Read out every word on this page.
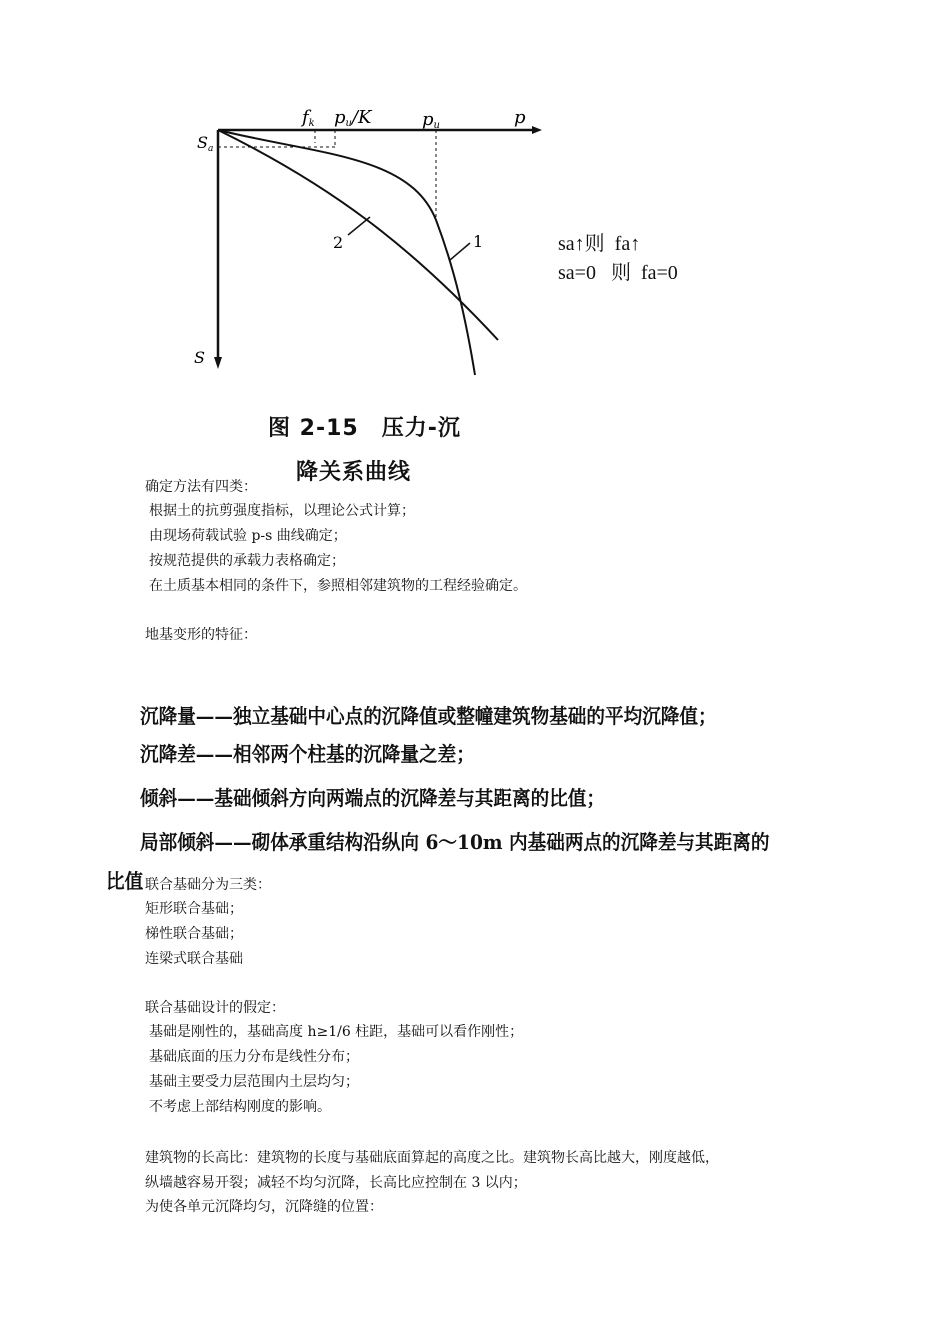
fk pu/K	pu	p
Sa
S
1
2
图 2-15　压力-沉
降关系曲线
sa↑则  fa↑
sa=0   则  fa=0
确定方法有四类：
根据土的抗剪强度指标，以理论公式计算；
由现场荷载试验 p-s 曲线确定；
按规范提供的承载力表格确定；
在土质基本相同的条件下，参照相邻建筑物的工程经验确定。
地基变形的特征：
沉降量——独立基础中心点的沉降值或整幢建筑物基础的平均沉降值；
沉降差——相邻两个柱基的沉降量之差；
倾斜——基础倾斜方向两端点的沉降差与其距离的比值；
局部倾斜——砌体承重结构沿纵向 6～10m 内基础两点的沉降差与其距离的
比值 联合基础分为三类：
矩形联合基础；
梯性联合基础；
连梁式联合基础
联合基础设计的假定：
基础是刚性的，基础高度 h≥1/6 柱距，基础可以看作刚性；
基础底面的压力分布是线性分布；
基础主要受力层范围内土层均匀；
不考虑上部结构刚度的影响。
建筑物的长高比：建筑物的长度与基础底面算起的高度之比。建筑物长高比越大，刚度越低，
纵墙越容易开裂；减轻不均匀沉降，长高比应控制在 3 以内；
为使各单元沉降均匀，沉降缝的位置：
